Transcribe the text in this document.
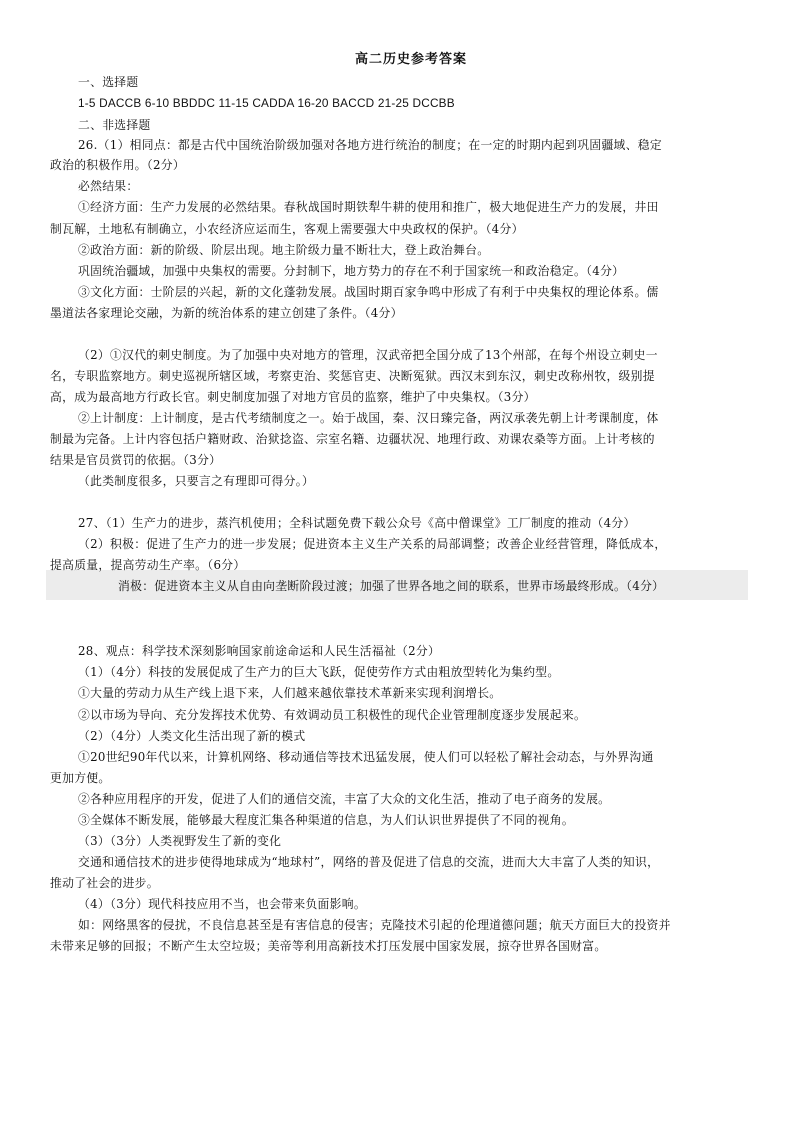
高二历史参考答案
一、选择题
1-5 DACCB 6-10 BBDDC 11-15 CADDA 16-20 BACCD 21-25 DCCBB
二、非选择题
26.（1）相同点：都是古代中国统治阶级加强对各地方进行统治的制度；在一定的时期内起到巩固疆域、稳定
政治的积极作用。（2分）
必然结果：
①经济方面：生产力发展的必然结果。春秋战国时期铁犁牛耕的使用和推广，极大地促进生产力的发展，井田
制瓦解，土地私有制确立，小农经济应运而生，客观上需要强大中央政权的保护。（4分）
②政治方面：新的阶级、阶层出现。地主阶级力量不断壮大，登上政治舞台。
巩固统治疆域，加强中央集权的需要。分封制下，地方势力的存在不利于国家统一和政治稳定。（4分）
③文化方面：士阶层的兴起，新的文化蓬勃发展。战国时期百家争鸣中形成了有利于中央集权的理论体系。儒
墨道法各家理论交融，为新的统治体系的建立创建了条件。（4分）
（2）①汉代的刺史制度。为了加强中央对地方的管理，汉武帝把全国分成了13个州部，在每个州设立刺史一
名，专职监察地方。刺史巡视所辖区域，考察吏治、奖惩官吏、决断冤狱。西汉末到东汉，刺史改称州牧，级别提
高，成为最高地方行政长官。刺史制度加强了对地方官员的监察，维护了中央集权。（3分）
②上计制度：上计制度，是古代考绩制度之一。始于战国，秦、汉日臻完备，两汉承袭先朝上计考课制度，体
制最为完备。上计内容包括户籍财政、治狱捻盗、宗室名籍、边疆状况、地理行政、劝课农桑等方面。上计考核的
结果是官员赏罚的依据。（3分）
（此类制度很多，只要言之有理即可得分。）
27、（1）生产力的进步，蒸汽机使用；全科试题免费下载公众号《高中僧课堂》工厂制度的推动（4分）
（2）积极：促进了生产力的进一步发展；促进资本主义生产关系的局部调整；改善企业经营管理，降低成本，
提高质量，提高劳动生产率。（6分）
消极：促进资本主义从自由向垄断阶段过渡；加强了世界各地之间的联系，世界市场最终形成。（4分）
28、观点：科学技术深刻影响国家前途命运和人民生活福祉（2分）
（1）（4分）科技的发展促成了生产力的巨大飞跃，促使劳作方式由粗放型转化为集约型。
①大量的劳动力从生产线上退下来，人们越来越依靠技术革新来实现利润增长。
②以市场为导向、充分发挥技术优势、有效调动员工积极性的现代企业管理制度逐步发展起来。
（2）（4分）人类文化生活出现了新的模式
①20世纪90年代以来，计算机网络、移动通信等技术迅猛发展，使人们可以轻松了解社会动态，与外界沟通
更加方便。
②各种应用程序的开发，促进了人们的通信交流，丰富了大众的文化生活，推动了电子商务的发展。
③全媒体不断发展，能够最大程度汇集各种渠道的信息，为人们认识世界提供了不同的视角。
（3）（3分）人类视野发生了新的变化
交通和通信技术的进步使得地球成为“地球村”，网络的普及促进了信息的交流，进而大大丰富了人类的知识，
推动了社会的进步。
（4）（3分）现代科技应用不当，也会带来负面影响。
如：网络黑客的侵扰，不良信息甚至是有害信息的侵害；克隆技术引起的伦理道德问题；航天方面巨大的投资并
未带来足够的回报；不断产生太空垃圾；美帝等利用高新技术打压发展中国家发展，掠夺世界各国财富。
